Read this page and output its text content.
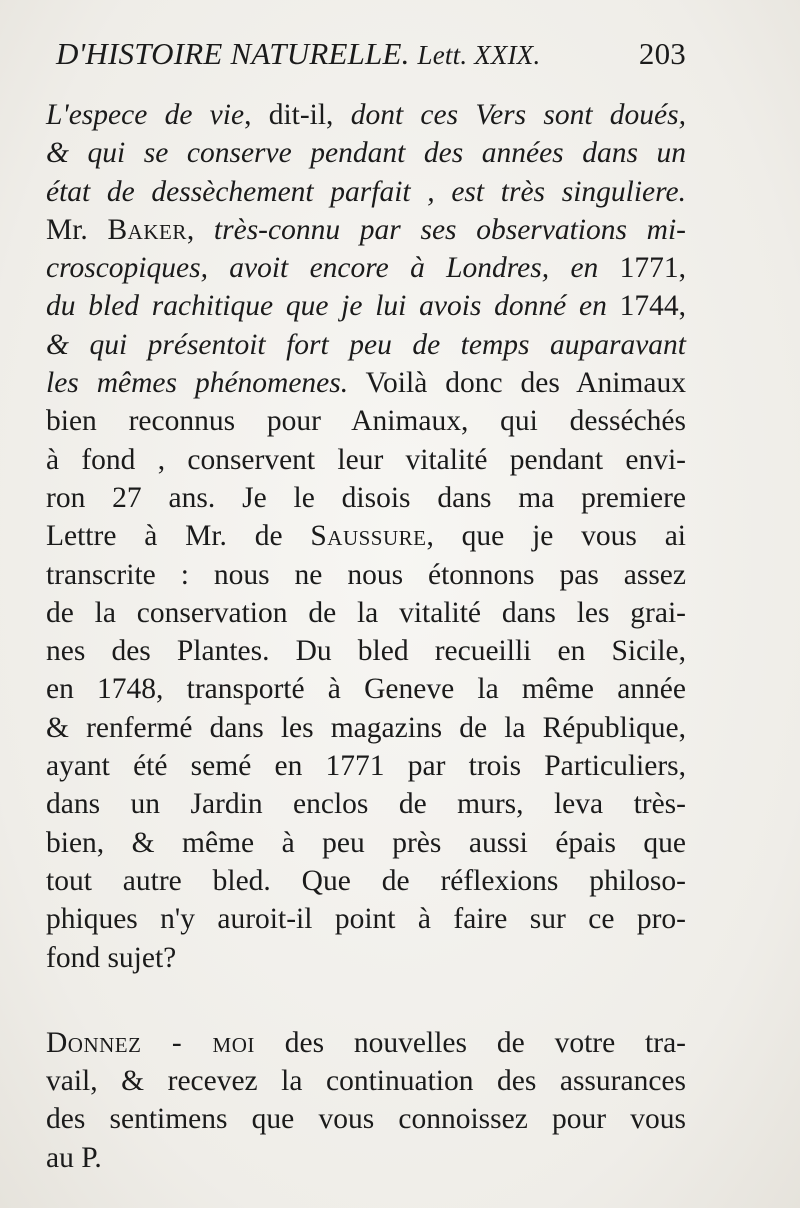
D'HISTOIRE NATURELLE. Lett. XXIX.	203
L'espece de vie, dit-il, dont ces Vers sont doués,
& qui se conserve pendant des années dans un
état de dessèchement parfait , est très singuliere.
Mr. Baker, très-connu par ses observations mi-
croscopiques, avoit encore à Londres, en 1771,
du bled rachitique que je lui avois donné en 1744,
& qui présentoit fort peu de temps auparavant
les mêmes phénomenes. Voilà donc des Animaux
bien reconnus pour Animaux, qui desséchés
à fond , conservent leur vitalité pendant envi-
ron 27 ans. Je le disois dans ma premiere
Lettre à Mr. de Saussure, que je vous ai
transcrite : nous ne nous étonnons pas assez
de la conservation de la vitalité dans les grai-
nes des Plantes. Du bled recueilli en Sicile,
en 1748, transporté à Geneve la même année
& renfermé dans les magazins de la République,
ayant été semé en 1771 par trois Particuliers,
dans un Jardin enclos de murs, leva très-
bien, & même à peu près aussi épais que
tout autre bled. Que de réflexions philoso-
phiques n'y auroit-il point à faire sur ce pro-
fond sujet?
Donnez - moi des nouvelles de votre tra-
vail, & recevez la continuation des assurances
des sentimens que vous connoissez pour vous
au P.
